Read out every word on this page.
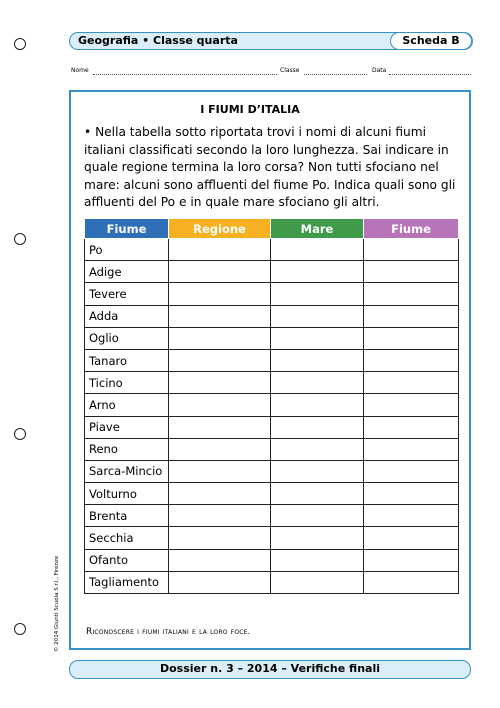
Geografia • Classe quarta	Scheda B
Nome	Classe	Data
I FIUMI D’ITALIA
• Nella tabella sotto riportata trovi i nomi di alcuni fiumi italiani classificati secondo la loro lunghezza. Sai indicare in quale regione termina la loro corsa? Non tutti sfociano nel mare: alcuni sono affluenti del fiume Po. Indica quali sono gli affluenti del Po e in quale mare sfociano gli altri.
Fiume	Regione	Mare	Fiume
Po			
Adige			
Tevere			
Adda			
Oglio			
Tanaro			
Ticino			
Arno			
Piave			
Reno			
Sarca-Mincio			
Volturno			
Brenta			
Secchia			
Ofanto			
Tagliamento			
Riconoscere i fiumi italiani e la loro foce.
Dossier n. 3 – 2014 – Verifiche finali
© 2014 Giunti Scuola S.r.l., Firenze
